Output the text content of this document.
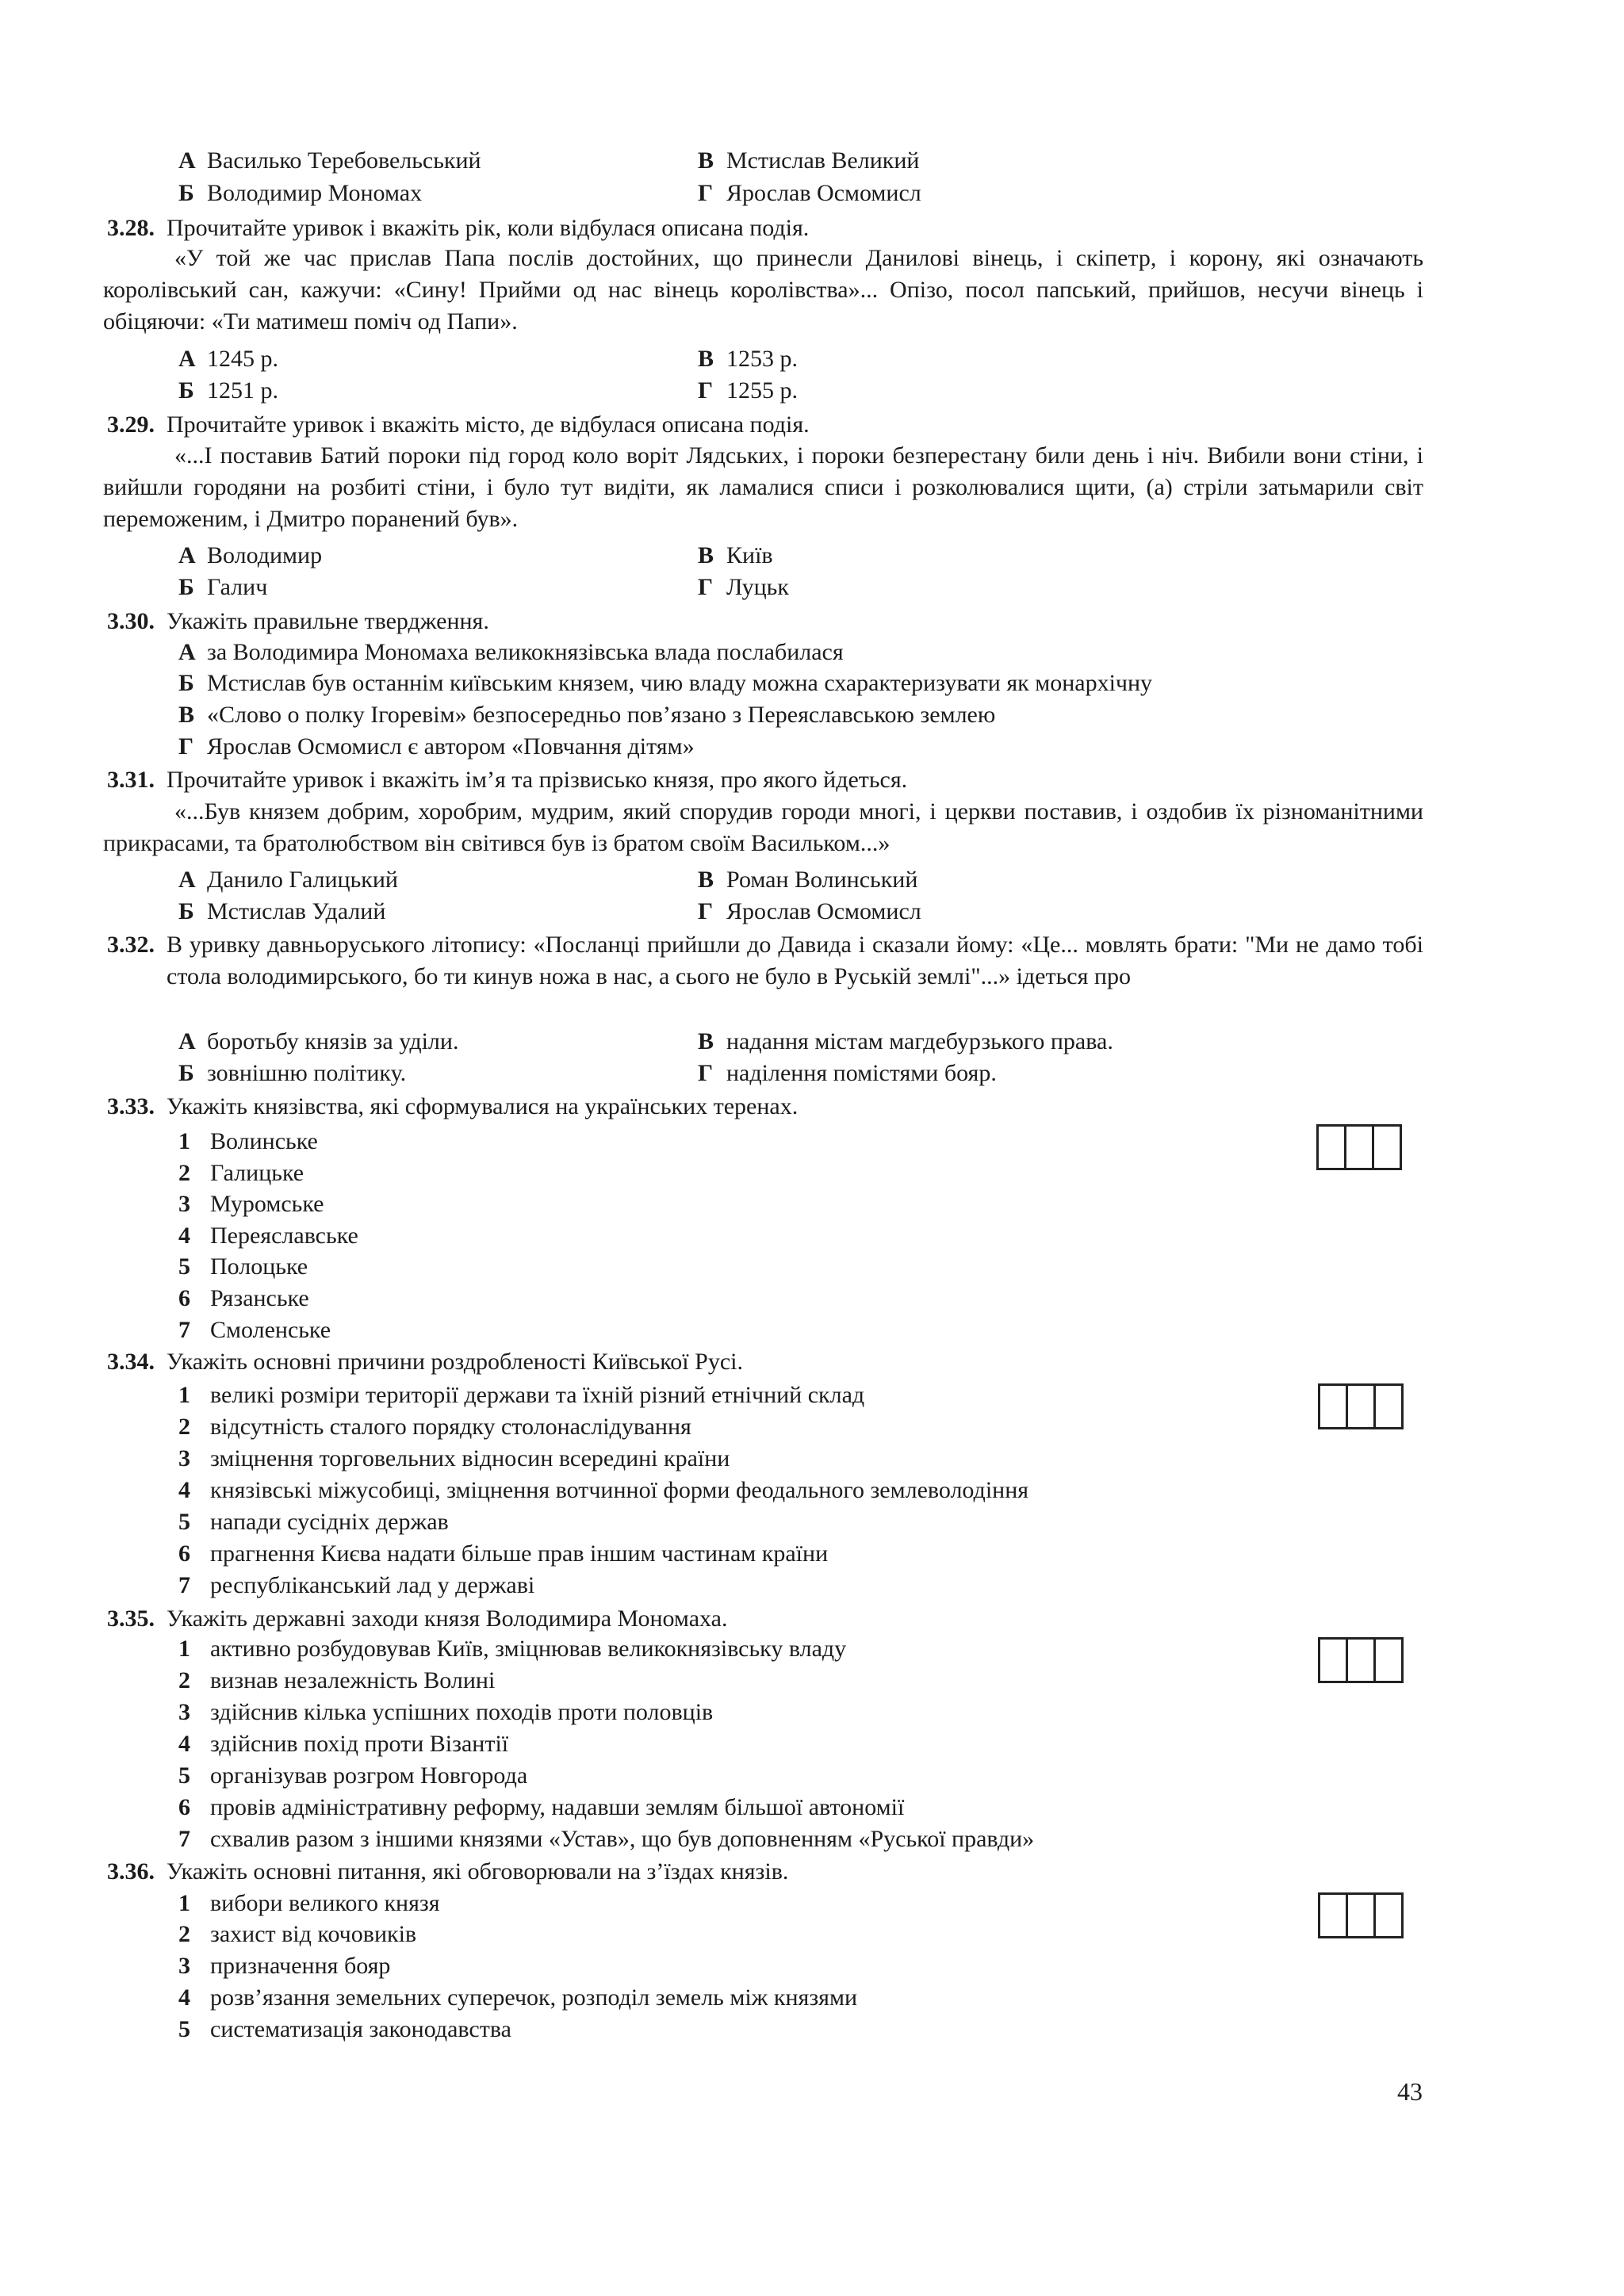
А Василько Теребовельський	В Мстислав Великий
Б Володимир Мономах	Г Ярослав Осмомисл
3.28. Прочитайте уривок і вкажіть рік, коли відбулася описана подія.
«У той же час прислав Папа послів достойних, що принесли Данилові вінець, і скіпетр, і корону, які означають королівський сан, кажучи: «Сину! Прийми од нас вінець королівства»... Опізо, посол папський, прийшов, несучи вінець і обіцяючи: «Ти матимеш поміч од Папи».
А 1245 р.	В 1253 р.
Б 1251 р.	Г 1255 р.
3.29. Прочитайте уривок і вкажіть місто, де відбулася описана подія.
«...І поставив Батий пороки під город коло воріт Лядських, і пороки безперестану били день і ніч. Вибили вони стіни, і вийшли городяни на розбиті стіни, і було тут видіти, як ламалися списи і розколювалися щити, (а) стріли затьмарили світ переможеним, і Дмитро поранений був».
А Володимир	В Київ
Б Галич	Г Луцьк
3.30. Укажіть правильне твердження.
А за Володимира Мономаха великокнязівська влада послабилася
Б Мстислав був останнім київським князем, чию владу можна схарактеризувати як монархічну
В «Слово о полку Ігоревім» безпосередньо пов’язано з Переяславською землею
Г Ярослав Осмомисл є автором «Повчання дітям»
3.31. Прочитайте уривок і вкажіть ім’я та прізвисько князя, про якого йдеться.
«...Був князем добрим, хоробрим, мудрим, який спорудив городи многі, і церкви поставив, і оздобив їх різноманітними прикрасами, та братолюбством він світився був із братом своїм Васильком...»
А Данило Галицький	В Роман Волинський
Б Мстислав Удалий	Г Ярослав Осмомисл
3.32. В уривку давньоруського літопису: «Посланці прийшли до Давида і сказали йому: «Це... мовлять брати: "Ми не дамо тобі стола володимирського, бо ти кинув ножа в нас, а сього не було в Руській землі"...» ідеться про
А боротьбу князів за уділи.	В надання містам магдебурзького права.
Б зовнішню політику.	Г наділення помістями бояр.
3.33. Укажіть князівства, які сформувалися на українських теренах.
1 Волинське
2 Галицьке
3 Муромське
4 Переяславське
5 Полоцьке
6 Рязанське
7 Смоленське
3.34. Укажіть основні причини роздробленості Київської Русі.
1 великі розміри території держави та їхній різний етнічний склад
2 відсутність сталого порядку столонаслідування
3 зміцнення торговельних відносин всередині країни
4 князівські міжусобиці, зміцнення вотчинної форми феодального землеволодіння
5 напади сусідніх держав
6 прагнення Києва надати більше прав іншим частинам країни
7 республіканський лад у державі
3.35. Укажіть державні заходи князя Володимира Мономаха.
1 активно розбудовував Київ, зміцнював великокнязівську владу
2 визнав незалежність Волині
3 здійснив кілька успішних походів проти половців
4 здійснив похід проти Візантії
5 організував розгром Новгорода
6 провів адміністративну реформу, надавши землям більшої автономії
7 схвалив разом з іншими князями «Устав», що був доповненням «Руської правди»
3.36. Укажіть основні питання, які обговорювали на з’їздах князів.
1 вибори великого князя
2 захист від кочовиків
3 призначення бояр
4 розв’язання земельних суперечок, розподіл земель між князями
5 систематизація законодавства
43
